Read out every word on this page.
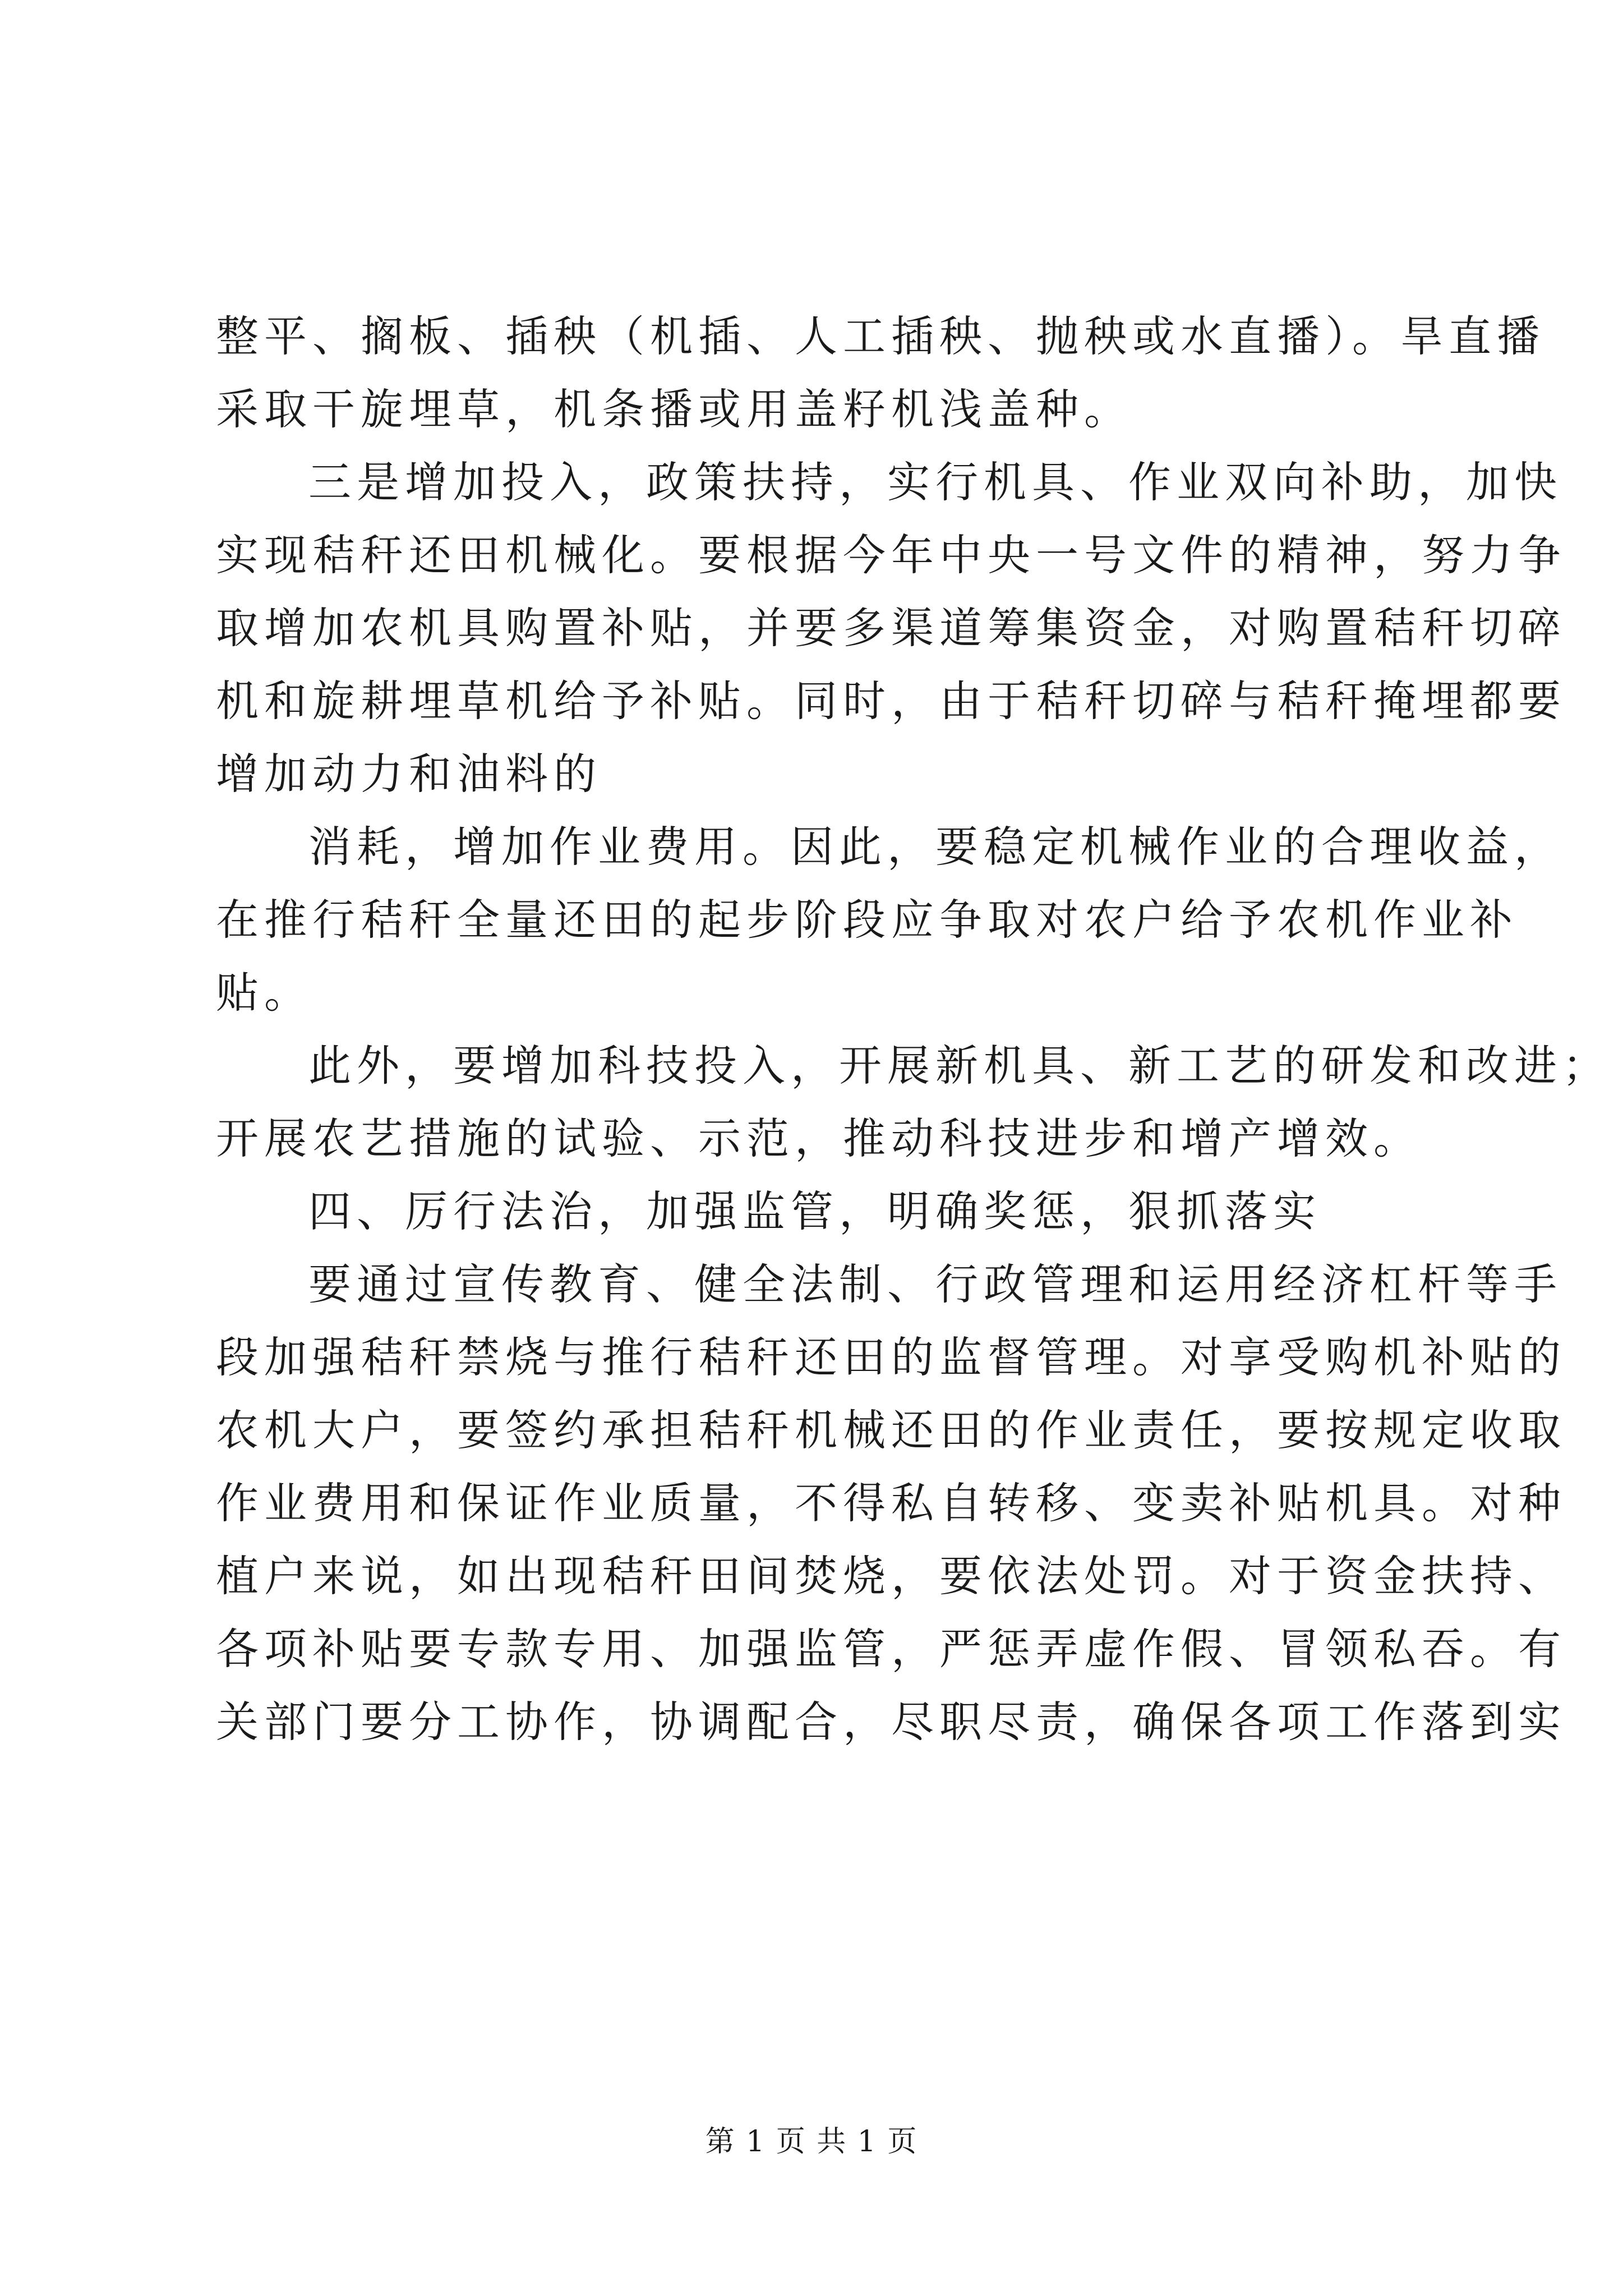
整平、搁板、插秧（机插、人工插秧、抛秧或水直播）。旱直播
采取干旋埋草，机条播或用盖籽机浅盖种。
三是增加投入，政策扶持，实行机具、作业双向补助，加快
实现秸秆还田机械化。要根据今年中央一号文件的精神，努力争
取增加农机具购置补贴，并要多渠道筹集资金，对购置秸秆切碎
机和旋耕埋草机给予补贴。同时，由于秸秆切碎与秸秆掩埋都要
增加动力和油料的
消耗，增加作业费用。因此，要稳定机械作业的合理收益，
在推行秸秆全量还田的起步阶段应争取对农户给予农机作业补
贴。
此外，要增加科技投入，开展新机具、新工艺的研发和改进；
开展农艺措施的试验、示范，推动科技进步和增产增效。
四、厉行法治，加强监管，明确奖惩，狠抓落实
要通过宣传教育、健全法制、行政管理和运用经济杠杆等手
段加强秸秆禁烧与推行秸秆还田的监督管理。对享受购机补贴的
农机大户，要签约承担秸秆机械还田的作业责任，要按规定收取
作业费用和保证作业质量，不得私自转移、变卖补贴机具。对种
植户来说，如出现秸秆田间焚烧，要依法处罚。对于资金扶持、
各项补贴要专款专用、加强监管，严惩弄虚作假、冒领私吞。有
关部门要分工协作，协调配合，尽职尽责，确保各项工作落到实
第 1 页 共 1 页
